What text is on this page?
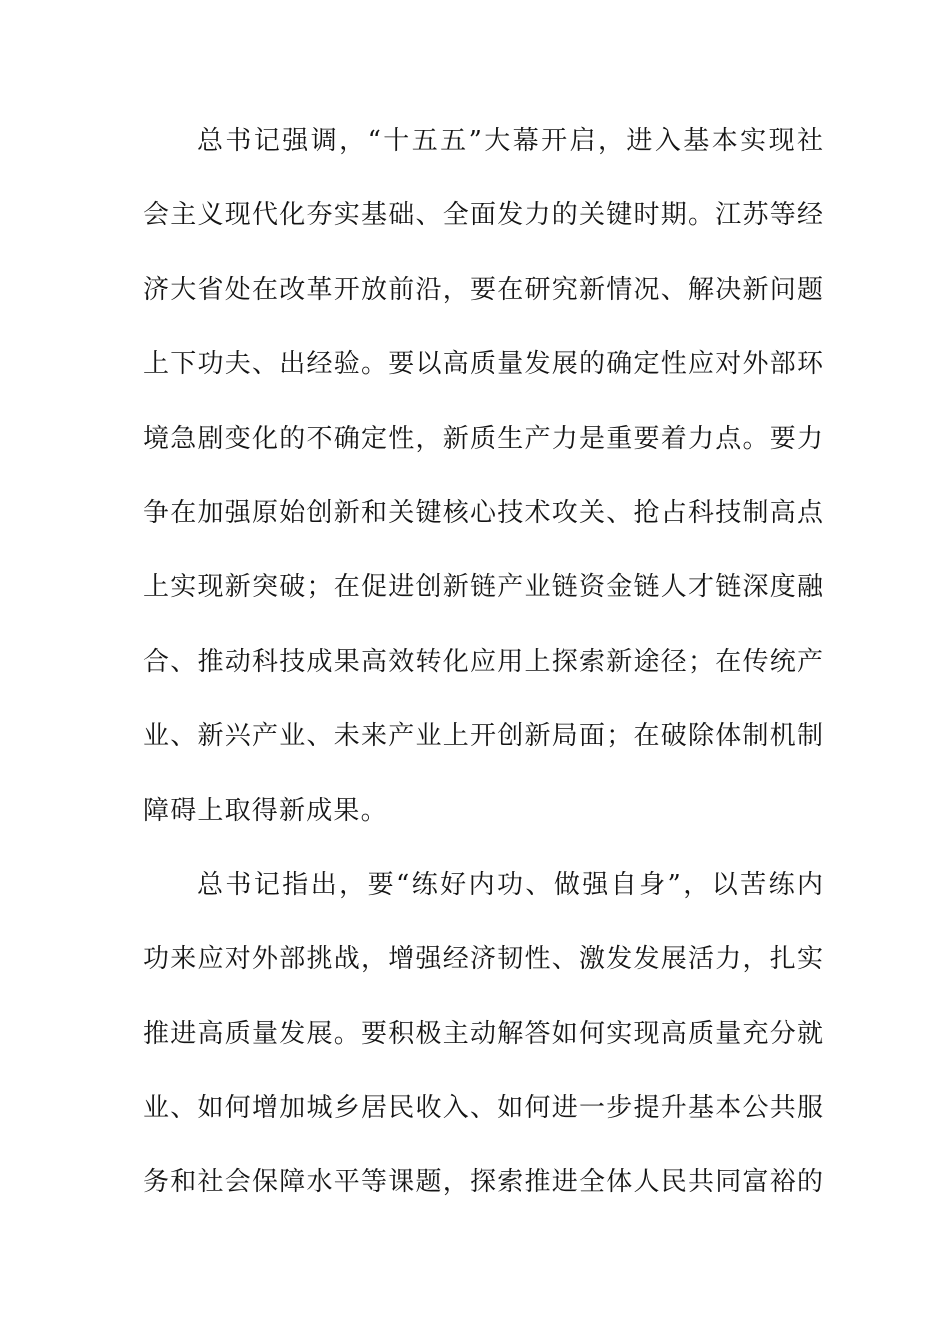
总书记强调，“十五五”大幕开启，进入基本实现社
会主义现代化夯实基础、全面发力的关键时期。江苏等经
济大省处在改革开放前沿，要在研究新情况、解决新问题
上下功夫、出经验。要以高质量发展的确定性应对外部环
境急剧变化的不确定性，新质生产力是重要着力点。要力
争在加强原始创新和关键核心技术攻关、抢占科技制高点
上实现新突破；在促进创新链产业链资金链人才链深度融
合、推动科技成果高效转化应用上探索新途径；在传统产
业、新兴产业、未来产业上开创新局面；在破除体制机制
障碍上取得新成果。
总书记指出，要“练好内功、做强自身”，以苦练内
功来应对外部挑战，增强经济韧性、激发发展活力，扎实
推进高质量发展。要积极主动解答如何实现高质量充分就
业、如何增加城乡居民收入、如何进一步提升基本公共服
务和社会保障水平等课题，探索推进全体人民共同富裕的
